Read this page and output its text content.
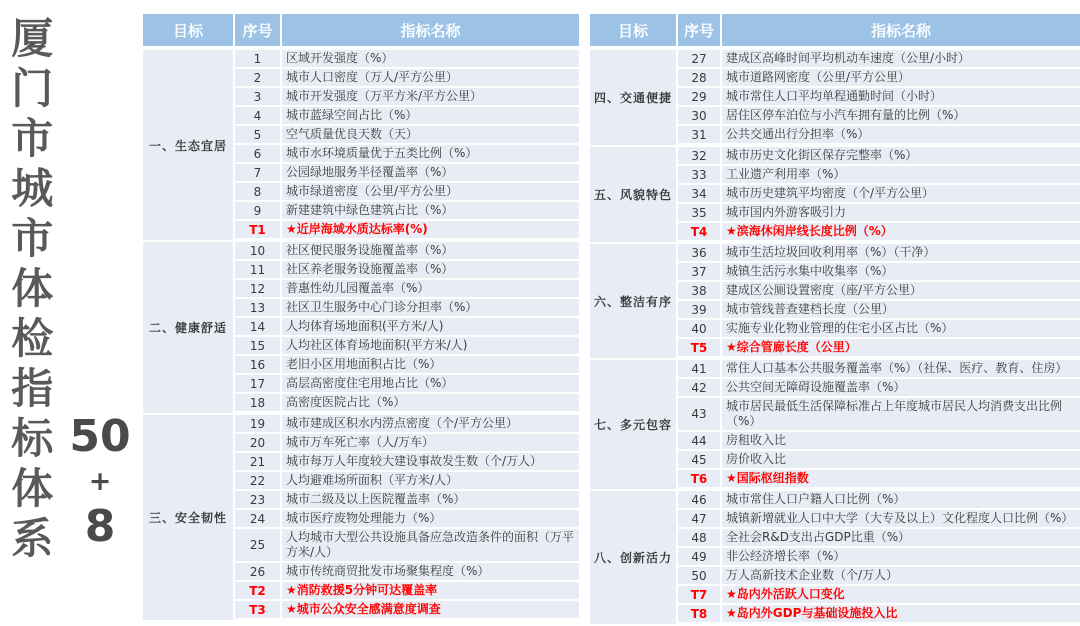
厦门市城市体检指标体系 50
+
8
目标	序号	指标名称
一、生态宜居	1	区域开发强度（%）
	2	城市人口密度（万人/平方公里）
	3	城市开发强度（万平方米/平方公里）
	4	城市蓝绿空间占比（%）
	5	空气质量优良天数（天）
	6	城市水环境质量优于五类比例（%）
	7	公园绿地服务半径覆盖率（%）
	8	城市绿道密度（公里/平方公里）
	9	新建建筑中绿色建筑占比（%）
	T1	★近岸海域水质达标率(%)
二、健康舒适	10	社区便民服务设施覆盖率（%）
	11	社区养老服务设施覆盖率（%）
	12	普惠性幼儿园覆盖率（%）
	13	社区卫生服务中心门诊分担率（%）
	14	人均体育场地面积(平方米/人)
	15	人均社区体育场地面积(平方米/人)
	16	老旧小区用地面积占比（%）
	17	高层高密度住宅用地占比（%）
	18	高密度医院占比（%）
三、安全韧性	19	城市建成区积水内涝点密度（个/平方公里）
	20	城市万车死亡率（人/万车）
	21	城市每万人年度较大建设事故发生数（个/万人）
	22	人均避难场所面积（平方米/人）
	23	城市二级及以上医院覆盖率（%）
	24	城市医疗废物处理能力（%）
	25	人均城市大型公共设施具备应急改造条件的面积（万平方米/人）
	26	城市传统商贸批发市场聚集程度（%）
	T2	★消防救援5分钟可达覆盖率
	T3	★城市公众安全感满意度调查
目标	序号	指标名称
四、交通便捷	27	建成区高峰时间平均机动车速度（公里/小时）
	28	城市道路网密度（公里/平方公里）
	29	城市常住人口平均单程通勤时间（小时）
	30	居住区停车泊位与小汽车拥有量的比例（%）
	31	公共交通出行分担率（%）
五、风貌特色	32	城市历史文化街区保存完整率（%）
	33	工业遗产利用率（%）
	34	城市历史建筑平均密度（个/平方公里）
	35	城市国内外游客吸引力
	T4	★滨海休闲岸线长度比例（%）
六、整洁有序	36	城市生活垃圾回收利用率（%）（干净）
	37	城镇生活污水集中收集率（%）
	38	建成区公厕设置密度（座/平方公里）
	39	城市管线普查建档长度（公里）
	40	实施专业化物业管理的住宅小区占比（%）
	T5	★综合管廊长度（公里）
七、多元包容	41	常住人口基本公共服务覆盖率（%）（社保、医疗、教育、住房）
	42	公共空间无障碍设施覆盖率（%）
	43	城市居民最低生活保障标准占上年度城市居民人均消费支出比例（%）
	44	房租收入比
	45	房价收入比
	T6	★国际枢纽指数
八、创新活力	46	城市常住人口户籍人口比例（%）
	47	城镇新增就业人口中大学（大专及以上）文化程度人口比例（%）
	48	全社会R&D支出占GDP比重（%）
	49	非公经济增长率（%）
	50	万人高新技术企业数（个/万人）
	T7	★岛内外活跃人口变化
	T8	★岛内外GDP与基础设施投入比
